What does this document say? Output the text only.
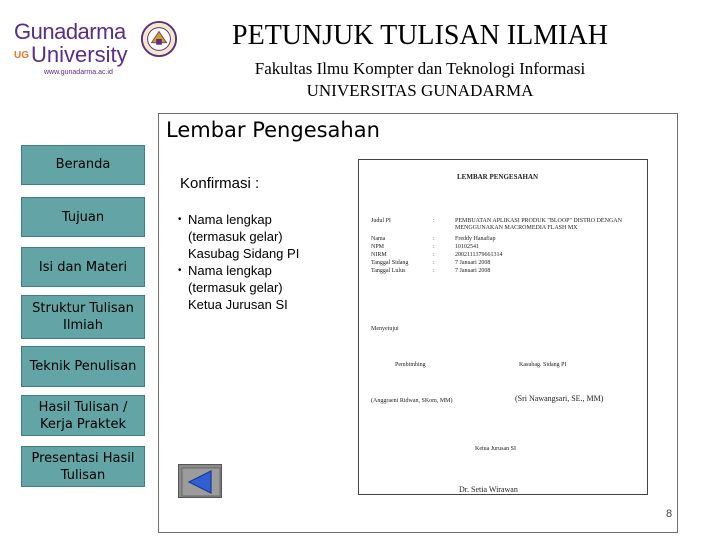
Gunadarma
UGUniversity
www.gunadarma.ac.id
PETUNJUK TULISAN ILMIAH
Fakultas Ilmu Kompter dan Teknologi Informasi
UNIVERSITAS GUNADARMA
Beranda
Tujuan
Isi dan Materi
Struktur Tulisan Ilmiah
Teknik Penulisan
Hasil Tulisan / Kerja Praktek
Presentasi Hasil Tulisan
Lembar Pengesahan
Konfirmasi :
• Nama lengkap
(termasuk gelar)
Kasubag Sidang PI
• Nama lengkap
(termasuk gelar)
Ketua Jurusan SI
LEMBAR PENGESAHAN
Judul PI	:	PEMBUATAN APLIKASI PRODUK "BLOOP" DISTRO DENGAN MENGGUNAKAN MACROMEDIA FLASH MX
Nama	:	Freddy Hanafiap
NPM	:	10102541
NIRM	:	2002111379661314
Tanggal Sidang	:	7 Januari 2008
Tanggal Lulus	:	7 Januari 2008
Menyetujui
Pembimbing	Kasubag. Sidang PI
(Anggraeni Ridwan, SKom, MM)	(Sri Nawangsari, SE., MM)
Ketua Jurusan SI
Dr. Setia Wirawan
8
